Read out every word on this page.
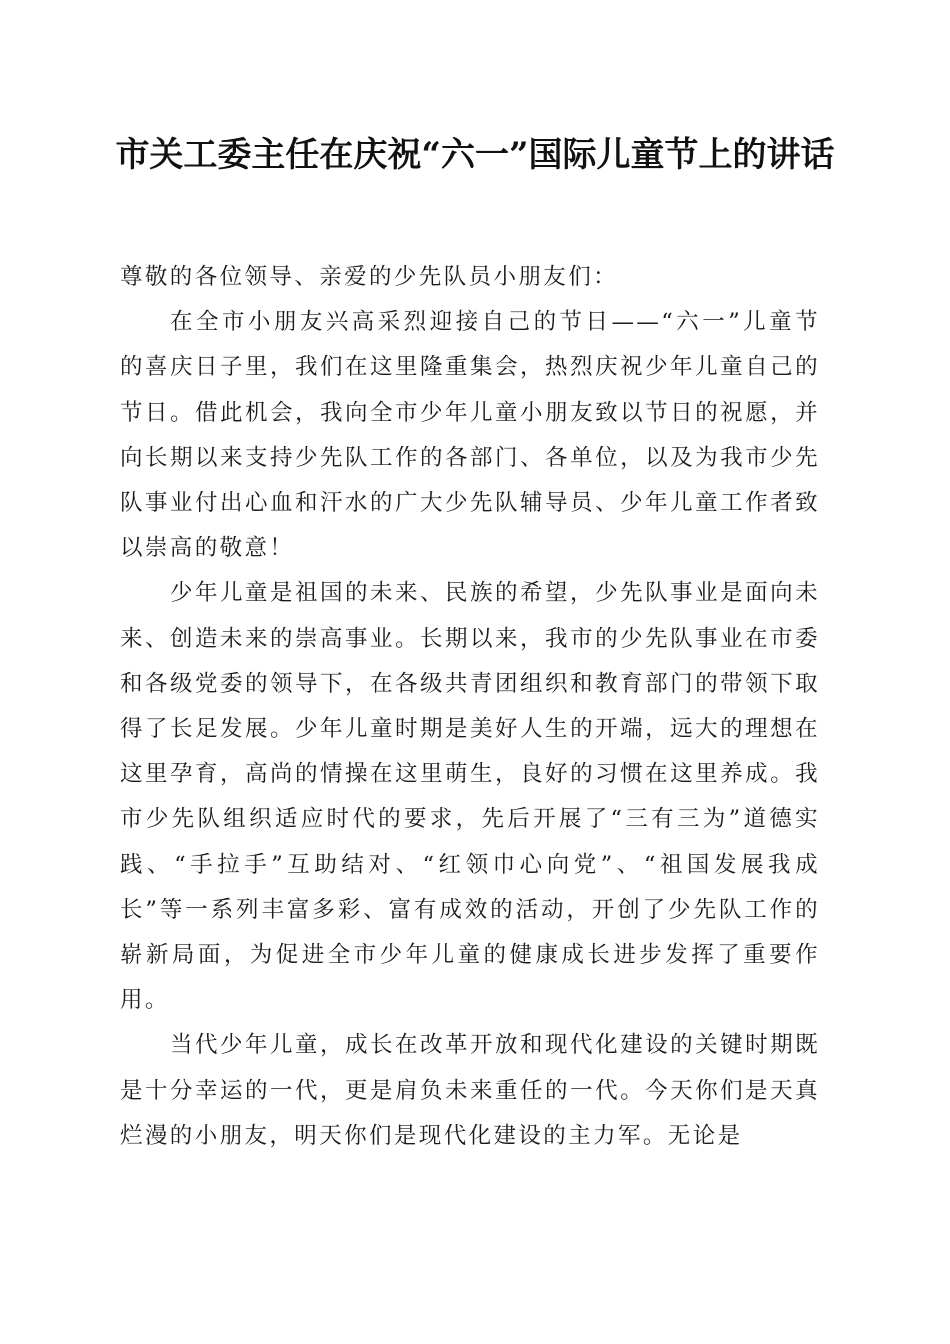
市关工委主任在庆祝“六一”国际儿童节上的讲话

尊敬的各位领导、亲爱的少先队员小朋友们：

在全市小朋友兴高采烈迎接自己的节日——“六一”儿童节的喜庆日子里，我们在这里隆重集会，热烈庆祝少年儿童自己的节日。借此机会，我向全市少年儿童小朋友致以节日的祝愿，并向长期以来支持少先队工作的各部门、各单位，以及为我市少先队事业付出心血和汗水的广大少先队辅导员、少年儿童工作者致以崇高的敬意！

少年儿童是祖国的未来、民族的希望，少先队事业是面向未来、创造未来的崇高事业。长期以来，我市的少先队事业在市委和各级党委的领导下，在各级共青团组织和教育部门的带领下取得了长足发展。少年儿童时期是美好人生的开端，远大的理想在这里孕育，高尚的情操在这里萌生，良好的习惯在这里养成。我市少先队组织适应时代的要求，先后开展了“三有三为”道德实践、“手拉手”互助结对、“红领巾心向党”、“祖国发展我成长”等一系列丰富多彩、富有成效的活动，开创了少先队工作的崭新局面，为促进全市少年儿童的健康成长进步发挥了重要作用。

当代少年儿童，成长在改革开放和现代化建设的关键时期既是十分幸运的一代，更是肩负未来重任的一代。今天你们是天真烂漫的小朋友，明天你们是现代化建设的主力军。无论是
